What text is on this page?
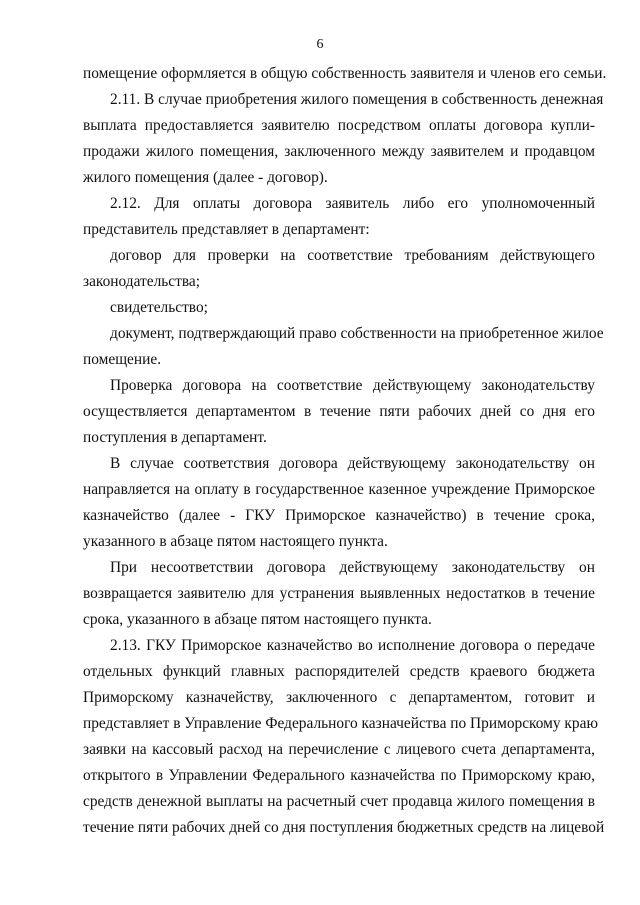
6
помещение оформляется в общую собственность заявителя и членов его семьи.
2.11. В случае приобретения жилого помещения в собственность денежная
выплата предоставляется заявителю посредством оплаты договора купли-
продажи жилого помещения, заключенного между заявителем и продавцом
жилого помещения (далее - договор).
2.12. Для оплаты договора заявитель либо его уполномоченный
представитель представляет в департамент:
договор для проверки на соответствие требованиям действующего
законодательства;
свидетельство;
документ, подтверждающий право собственности на приобретенное жилое
помещение.
Проверка договора на соответствие действующему законодательству
осуществляется департаментом в течение пяти рабочих дней со дня его
поступления в департамент.
В случае соответствия договора действующему законодательству он
направляется на оплату в государственное казенное учреждение Приморское
казначейство (далее - ГКУ Приморское казначейство) в течение срока,
указанного в абзаце пятом настоящего пункта.
При несоответствии договора действующему законодательству он
возвращается заявителю для устранения выявленных недостатков в течение
срока, указанного в абзаце пятом настоящего пункта.
2.13. ГКУ Приморское казначейство во исполнение договора о передаче
отдельных функций главных распорядителей средств краевого бюджета
Приморскому казначейству, заключенного с департаментом, готовит и
представляет в Управление Федерального казначейства по Приморскому краю
заявки на кассовый расход на перечисление с лицевого счета департамента,
открытого в Управлении Федерального казначейства по Приморскому краю,
средств денежной выплаты на расчетный счет продавца жилого помещения в
течение пяти рабочих дней со дня поступления бюджетных средств на лицевой
